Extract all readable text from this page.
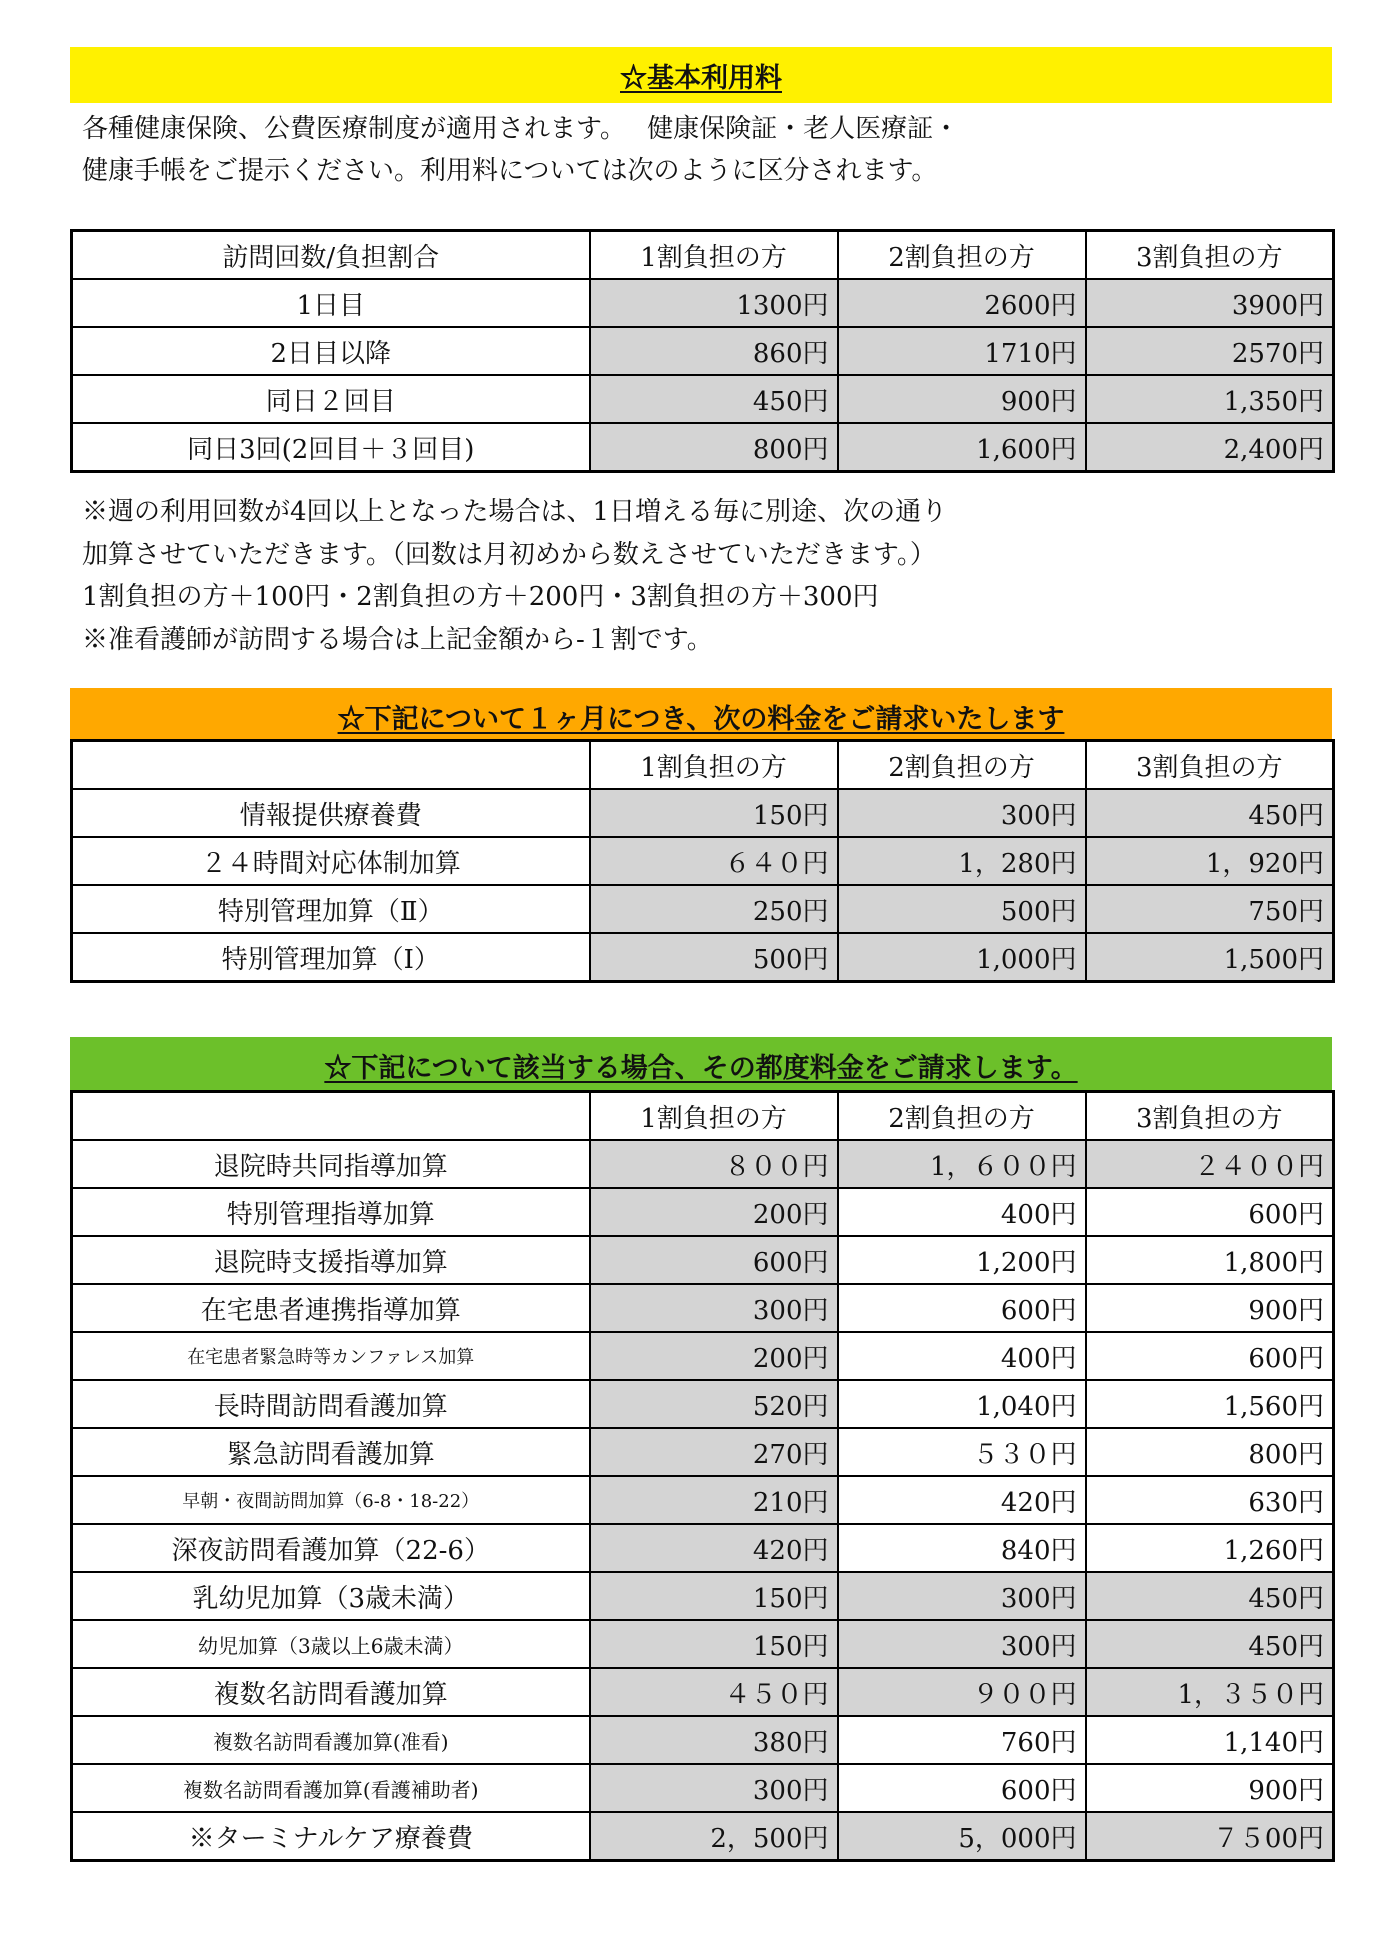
☆基本利用料
各種健康保険、公費医療制度が適用されます。　 健康保険証・老人医療証・
健康手帳をご提示ください。利用料については次のように区分されます。
訪問回数/負担割合	1割負担の方	2割負担の方	3割負担の方
1日目	1300円	2600円	3900円
2日目以降	860円	1710円	2570円
同日２回目	450円	900円	1,350円
同日3回(2回目＋３回目)	800円	1,600円	2,400円
※週の利用回数が4回以上となった場合は、1日増える毎に別途、次の通り
加算させていただきます。（回数は月初めから数えさせていただきます。）
1割負担の方＋100円・2割負担の方＋200円・3割負担の方＋300円
※准看護師が訪問する場合は上記金額から-１割です。
☆下記について１ヶ月につき、次の料金をご請求いたします
	1割負担の方	2割負担の方	3割負担の方
情報提供療養費	150円	300円	450円
２４時間対応体制加算	６４０円	1，280円	1，920円
特別管理加算（Ⅱ）	250円	500円	750円
特別管理加算（Ⅰ）	500円	1,000円	1,500円
☆下記について該当する場合、その都度料金をご請求します。
	1割負担の方	2割負担の方	3割負担の方
退院時共同指導加算	８００円	1，６００円	２４００円
特別管理指導加算	200円	400円	600円
退院時支援指導加算	600円	1,200円	1,800円
在宅患者連携指導加算	300円	600円	900円
在宅患者緊急時等カンファレス加算	200円	400円	600円
長時間訪問看護加算	520円	1,040円	1,560円
緊急訪問看護加算	270円	５３０円	800円
早朝・夜間訪問加算（6-8・18-22）	210円	420円	630円
深夜訪問看護加算（22-6）	420円	840円	1,260円
乳幼児加算（3歳未満）	150円	300円	450円
幼児加算（3歳以上6歳未満）	150円	300円	450円
複数名訪問看護加算	４５０円	９００円	1，３５０円
複数名訪問看護加算(准看)	380円	760円	1,140円
複数名訪問看護加算(看護補助者)	300円	600円	900円
※ターミナルケア療養費	2，500円	5，000円	７５00円
